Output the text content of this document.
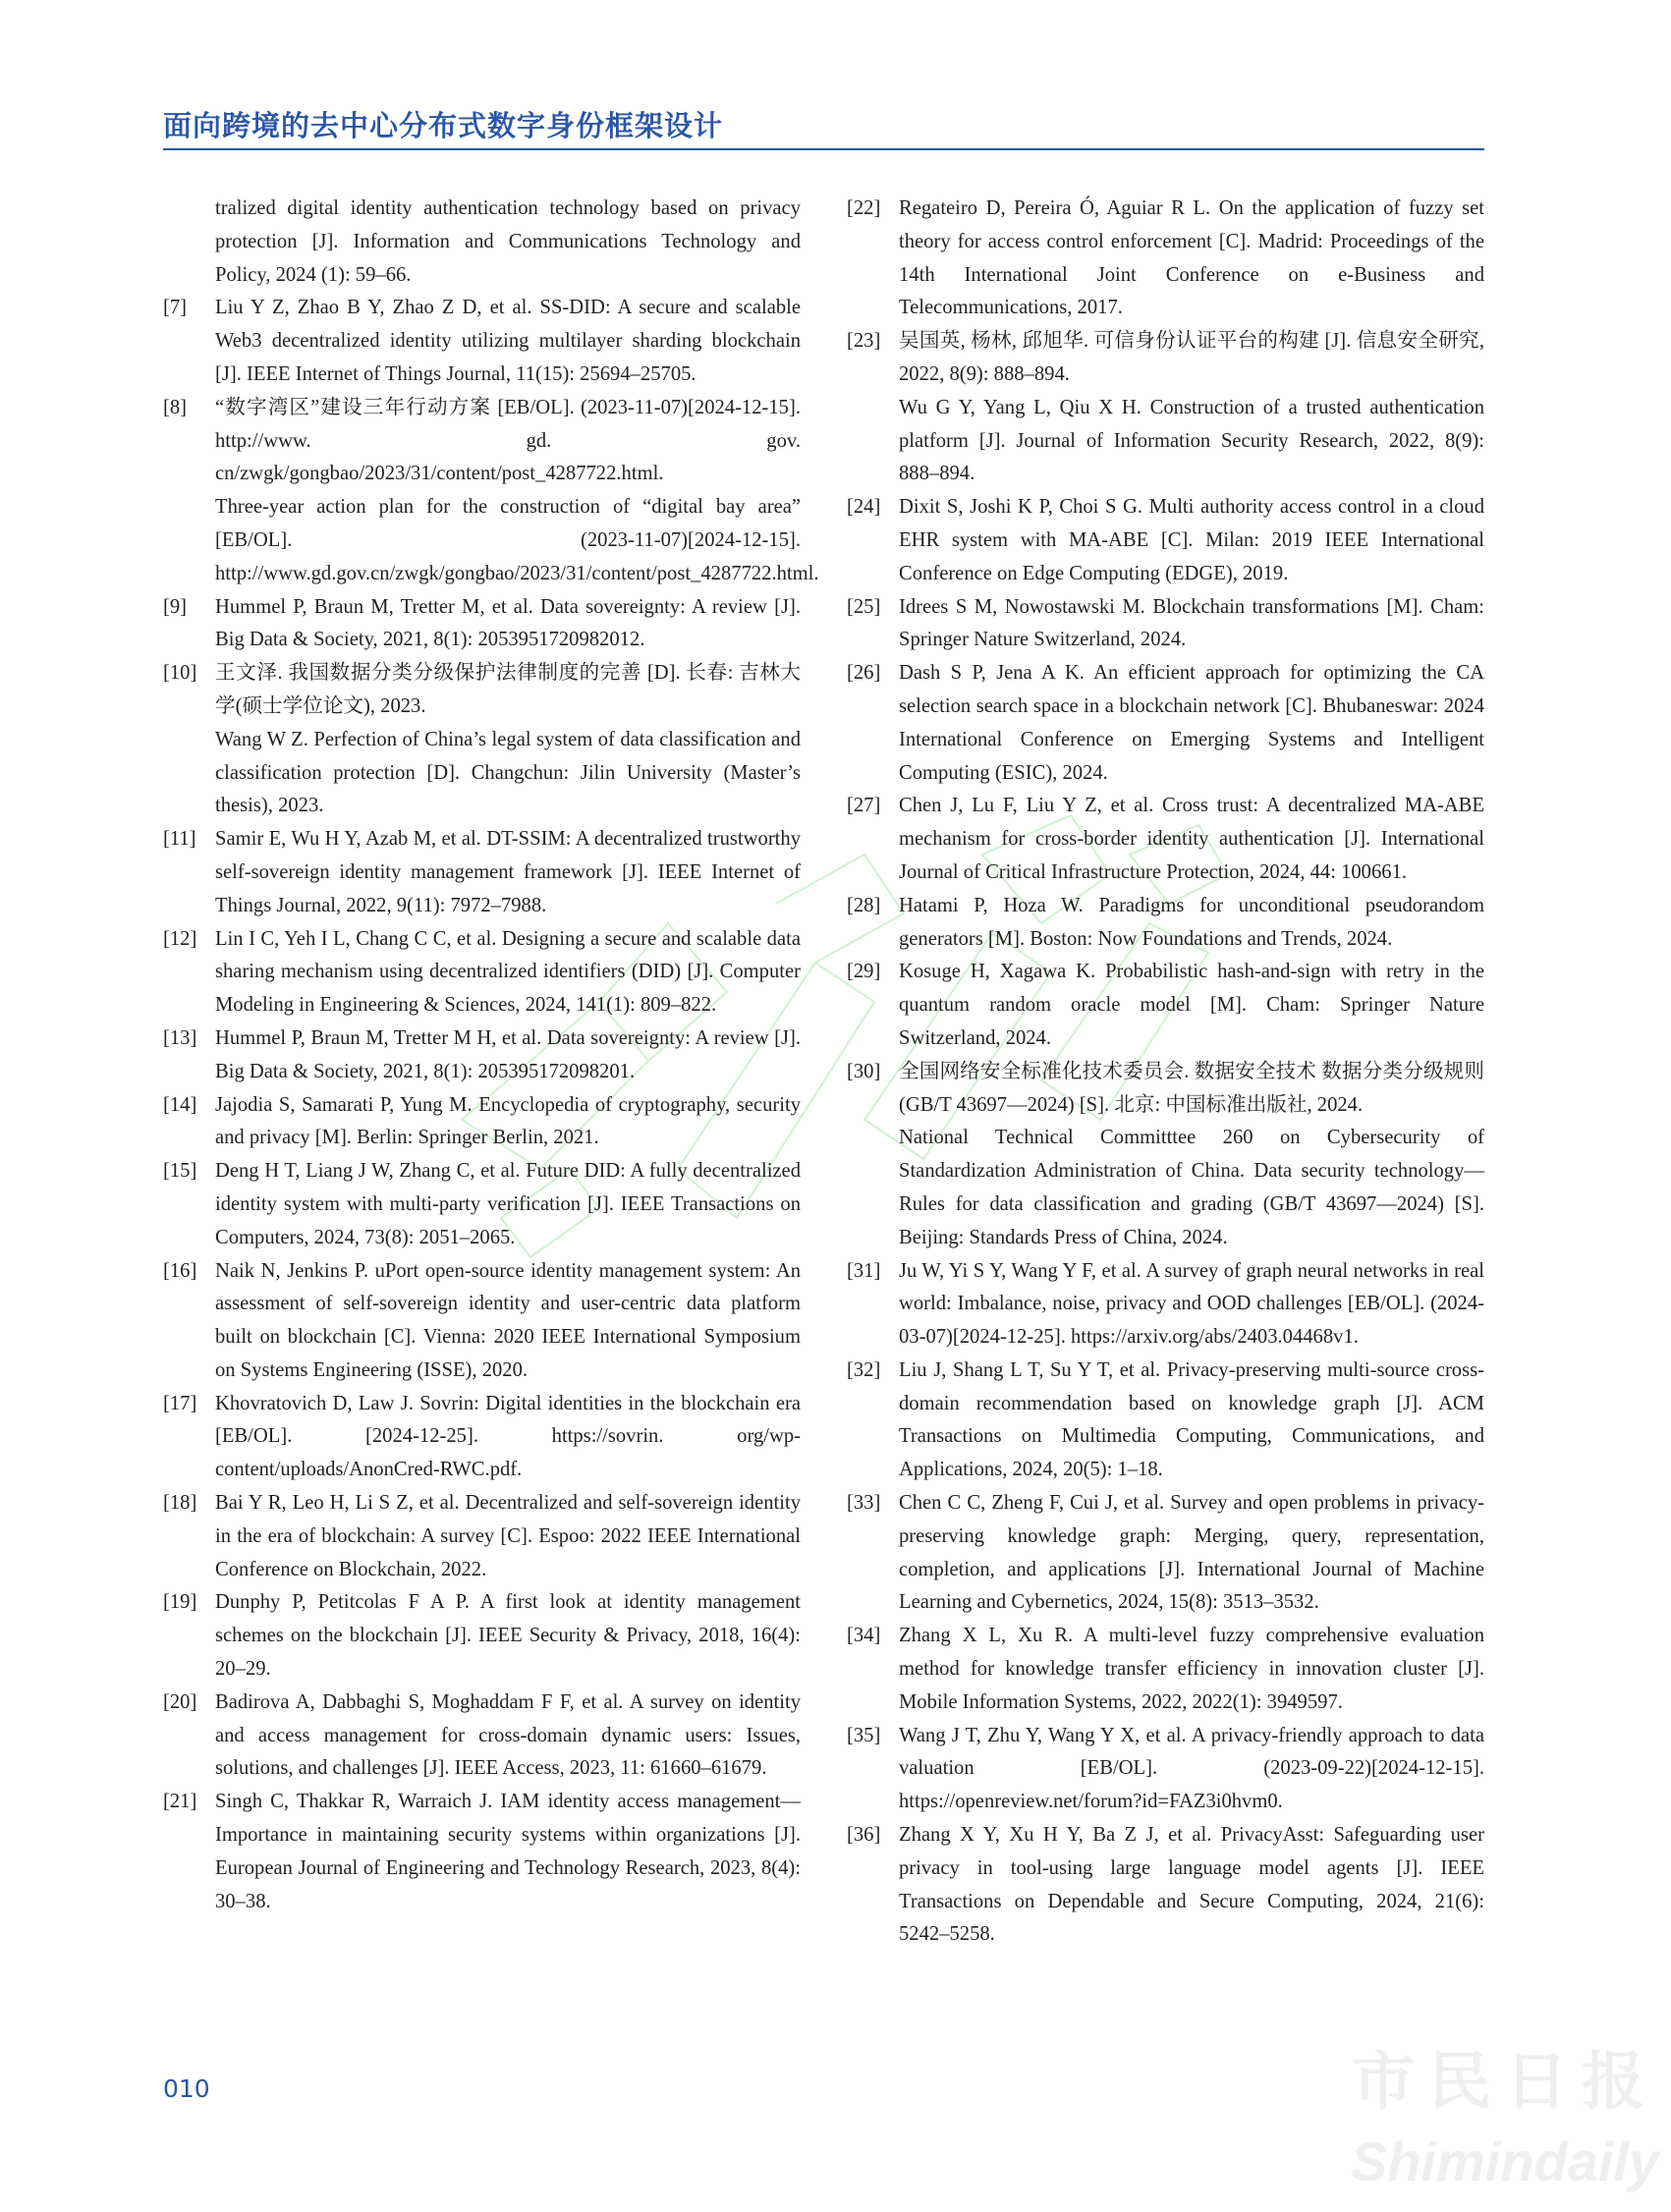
面向跨境的去中心分布式数字身份框架设计
tralized digital identity authentication technology based on privacy protection [J]. Information and Communications Technology and Policy, 2024 (1): 59–66.
[7] Liu Y Z, Zhao B Y, Zhao Z D, et al. SS-DID: A secure and scalable Web3 decentralized identity utilizing multilayer sharding blockchain [J]. IEEE Internet of Things Journal, 11(15): 25694–25705.
[8] “数字湾区”建设三年行动方案 [EB/OL]. (2023-11-07)[2024-12-15]. http://www. gd. gov. cn/zwgk/gongbao/2023/31/content/post_4287722.html.
Three-year action plan for the construction of “digital bay area” [EB/OL]. (2023-11-07)[2024-12-15]. http://www.gd.gov.cn/zwgk/gongbao/2023/31/content/post_4287722.html.
[9] Hummel P, Braun M, Tretter M, et al. Data sovereignty: A review [J]. Big Data & Society, 2021, 8(1): 2053951720982012.
[10] 王文泽. 我国数据分类分级保护法律制度的完善 [D]. 长春: 吉林大学(硕士学位论文), 2023.
Wang W Z. Perfection of China’s legal system of data classification and classification protection [D]. Changchun: Jilin University (Master’s thesis), 2023.
[11] Samir E, Wu H Y, Azab M, et al. DT-SSIM: A decentralized trustworthy self-sovereign identity management framework [J]. IEEE Internet of Things Journal, 2022, 9(11): 7972–7988.
[12] Lin I C, Yeh I L, Chang C C, et al. Designing a secure and scalable data sharing mechanism using decentralized identifiers (DID) [J]. Computer Modeling in Engineering & Sciences, 2024, 141(1): 809–822.
[13] Hummel P, Braun M, Tretter M H, et al. Data sovereignty: A review [J]. Big Data & Society, 2021, 8(1): 205395172098201.
[14] Jajodia S, Samarati P, Yung M. Encyclopedia of cryptography, security and privacy [M]. Berlin: Springer Berlin, 2021.
[15] Deng H T, Liang J W, Zhang C, et al. Future DID: A fully decentralized identity system with multi-party verification [J]. IEEE Transactions on Computers, 2024, 73(8): 2051–2065.
[16] Naik N, Jenkins P. uPort open-source identity management system: An assessment of self-sovereign identity and user-centric data platform built on blockchain [C]. Vienna: 2020 IEEE International Symposium on Systems Engineering (ISSE), 2020.
[17] Khovratovich D, Law J. Sovrin: Digital identities in the blockchain era [EB/OL]. [2024-12-25]. https://sovrin. org/wp-content/uploads/AnonCred-RWC.pdf.
[18] Bai Y R, Leo H, Li S Z, et al. Decentralized and self-sovereign identity in the era of blockchain: A survey [C]. Espoo: 2022 IEEE International Conference on Blockchain, 2022.
[19] Dunphy P, Petitcolas F A P. A first look at identity management schemes on the blockchain [J]. IEEE Security & Privacy, 2018, 16(4): 20–29.
[20] Badirova A, Dabbaghi S, Moghaddam F F, et al. A survey on identity and access management for cross-domain dynamic users: Issues, solutions, and challenges [J]. IEEE Access, 2023, 11: 61660–61679.
[21] Singh C, Thakkar R, Warraich J. IAM identity access management—Importance in maintaining security systems within organizations [J]. European Journal of Engineering and Technology Research, 2023, 8(4): 30–38.
[22] Regateiro D, Pereira Ó, Aguiar R L. On the application of fuzzy set theory for access control enforcement [C]. Madrid: Proceedings of the 14th International Joint Conference on e-Business and Telecommunications, 2017.
[23] 吴国英, 杨林, 邱旭华. 可信身份认证平台的构建 [J]. 信息安全研究, 2022, 8(9): 888–894.
Wu G Y, Yang L, Qiu X H. Construction of a trusted authentication platform [J]. Journal of Information Security Research, 2022, 8(9): 888–894.
[24] Dixit S, Joshi K P, Choi S G. Multi authority access control in a cloud EHR system with MA-ABE [C]. Milan: 2019 IEEE International Conference on Edge Computing (EDGE), 2019.
[25] Idrees S M, Nowostawski M. Blockchain transformations [M]. Cham: Springer Nature Switzerland, 2024.
[26] Dash S P, Jena A K. An efficient approach for optimizing the CA selection search space in a blockchain network [C]. Bhubaneswar: 2024 International Conference on Emerging Systems and Intelligent Computing (ESIC), 2024.
[27] Chen J, Lu F, Liu Y Z, et al. Cross trust: A decentralized MA-ABE mechanism for cross-border identity authentication [J]. International Journal of Critical Infrastructure Protection, 2024, 44: 100661.
[28] Hatami P, Hoza W. Paradigms for unconditional pseudorandom generators [M]. Boston: Now Foundations and Trends, 2024.
[29] Kosuge H, Xagawa K. Probabilistic hash-and-sign with retry in the quantum random oracle model [M]. Cham: Springer Nature Switzerland, 2024.
[30] 全国网络安全标准化技术委员会. 数据安全技术 数据分类分级规则(GB/T 43697—2024) [S]. 北京: 中国标准出版社, 2024.
National Technical Committtee 260 on Cybersecurity of Standardization Administration of China. Data security technology—Rules for data classification and grading (GB/T 43697—2024) [S]. Beijing: Standards Press of China, 2024.
[31] Ju W, Yi S Y, Wang Y F, et al. A survey of graph neural networks in real world: Imbalance, noise, privacy and OOD challenges [EB/OL]. (2024-03-07)[2024-12-25]. https://arxiv.org/abs/2403.04468v1.
[32] Liu J, Shang L T, Su Y T, et al. Privacy-preserving multi-source cross-domain recommendation based on knowledge graph [J]. ACM Transactions on Multimedia Computing, Communications, and Applications, 2024, 20(5): 1–18.
[33] Chen C C, Zheng F, Cui J, et al. Survey and open problems in privacy-preserving knowledge graph: Merging, query, representation, completion, and applications [J]. International Journal of Machine Learning and Cybernetics, 2024, 15(8): 3513–3532.
[34] Zhang X L, Xu R. A multi-level fuzzy comprehensive evaluation method for knowledge transfer efficiency in innovation cluster [J]. Mobile Information Systems, 2022, 2022(1): 3949597.
[35] Wang J T, Zhu Y, Wang Y X, et al. A privacy-friendly approach to data valuation [EB/OL]. (2023-09-22)[2024-12-15]. https://openreview.net/forum?id=FAZ3i0hvm0.
[36] Zhang X Y, Xu H Y, Ba Z J, et al. PrivacyAsst: Safeguarding user privacy in tool-using large language model agents [J]. IEEE Transactions on Dependable and Secure Computing, 2024, 21(6): 5242–5258.
010	市民日报
Shimindaily
